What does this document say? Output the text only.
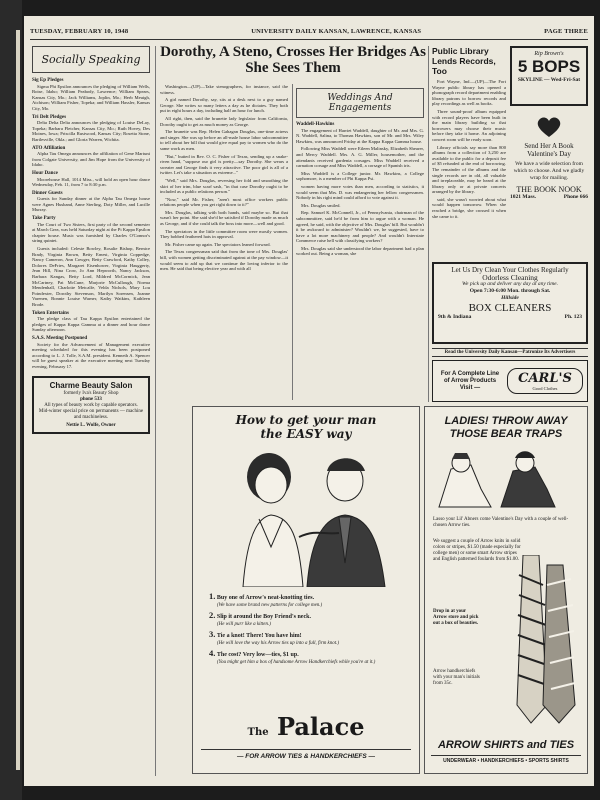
TUESDAY, FEBRUARY 10, 1948	UNIVERSITY DAILY KANSAN, LAWRENCE, KANSAS	PAGE THREE
Socially Speaking
Sig Ep Pledges
Sigma Phi Epsilon announces the pledging of William Wells, Boise, Idaho; William Peabody, Lawrence; William Spears, Kansas City, Mo.; Jack Williams, Joplin, Mo.; Herb Meuigh, Atchison; William Fisher, Topeka; and William Hassler, Kansas City, Mo.
Tri Delt Pledges
Delta Delta Delta announces the pledging of Louise DeLay, Topeka; Barbara Fletcher, Kansas City, Mo.; Ruth Hovey, Des Moines, Iowa; Priscilla Rustwood, Kansas City; Rosetta Stone, Bartlesville, Okla.; and Gloria Warren, Wichita.
ATO Affiliation
Alpha Tau Omega announces the affiliation of Gene Martuni from Colgate University, and Jim Hope from the University of Idaho.
Hour Dance
Moorehouse Hall, 1014 Miss., will hold an open hour dance Wednesday, Feb. 11, from 7 to 8:30 p.m.
Dinner Guests
Guests for Sunday dinner at the Alpha Tau Omega house were Agnes Husband, Anne Sterling, Doty Miller, and Lucille Murray.
Take Party
The Court of Two Sisters, first party of the second semester at March Grea, was held Saturday night at the Pi Kappa Epsilon chapter house. Music was furnished by Charles O'Connor's string quintet.
Guests included: Celeste Bowley, Rosalie Bishop, Bernice Brady, Virginia Brown, Betty Ernest, Virginia Coppedge, Nancy Cameron, Ann Cowger, Betty Crawford, Kathy Colley, Dolores DeFries, Margaret Eisenhower, Virginia Hauggerty, Jean Hill, Nina Crow, Jo Ann Hepworth, Nancy Jackson, Barbara Kangas, Betty Lord, Mildred McCormick, Jean McCartney, Pat McCune, Marjorie McCullough, Norma Mendenhall, Charlotte Metcalfe, Velda Nichols, Mary Lou Poindexter, Dorothy Stevenson, Marilyn Sorensen, Joanne Varenen, Bonnie Louise Warner, Kathy Watkins, Kathleen Brode.
Token Entertains
The pledge class of Tau Kappa Epsilon entertained the pledges of Kappa Kappa Gamma at a dinner and hour dance Sunday afternoon.
S.A.S. Meeting Postponed
Society for the Advancement of Management executive meeting scheduled for this evening has been postponed according to L. J. Tolle, S.A.M. president. Kenneth A. Spencer will be guest speaker at the executive meeting next Tuesday evening, February 17.
Charme Beauty Salon
formerly Iva's Beauty Shop
phone 533
All types of beauty work by capable operators.
Mid-winter special price on permanents — machine and machineless.
Nettie L. Wolfe, Owner
Dorothy, A Steno, Crosses Her Bridges As She Sees Them
Washington—(UP)—Take stenographers, for instance, said the witness.
A girl named Dorothy, say, sits at a desk next to a guy named George. She writes so many letters a day as he dictates. They both put in eight hours a day, including half an hour for lunch.
All right, then, said the brunette lady legislator from California, Dorothy ought to get as much money as George.
The brunette was Rep. Helen Gahagan Douglas, one-time actress and singer. She was up before an all-male house labor subcommittee to tell about her bill that would give equal pay to women who do the same work as men.
"But," butted in Rev. O. C. Fisher of Texas, sending up a snake-riven hand, "suppose our girl is pretty—say Dorothy. She wears a sweater and George finds it very attractive. The poor girl is all of a twitter. Let's take a situation as extreme..."
"Well," said Mrs. Douglas, reversing her fold and smoothing the skirt of her trim, blue scarf sash, "in that case Dorothy ought to be included as a public relations person."
"Now," said Mr. Fisher, "aren't most office workers public relations people when you get right down to it?"
Mrs. Douglas, talking with both hands, said maybe so. But that wasn't her point. She said she'd be satisfied if Dorothy made as much as George, and if she could talk the boss into more—well and good.
The spectators in the little committee room were mostly women. They bobbed feathered hats in approval.
Mr. Fisher came up again. The spectators leaned forward.
The Texas congressman said that from the tone of Mrs. Douglas' bill, with women getting discriminated against at the pay window—it would seem to add up that we continue the loving inferior to the men. He said that being elective year and with all
Weddings And Engagements
Waddell-Hawkins
The engagement of Harriet Waddell, daughter of Mr. and Mrs. G. N. Waddell, Salina, to Thomas Hawkins, son of Mr. and Mrs. Wiley Hawkins, was announced Friday at the Kappa Kappa Gamma house.
Following Miss Waddell were Eileen Malinsky, Elizabeth Shearer, and Mercy Waddell. Mrs. A. G. Miller, housemother, and the attendants received gardenia corsages. Miss Waddell received a carnation corsage and Miss Waddell, a corsage of Spanish iris.
Miss Waddell is a College junior. Mr. Hawkins, a College sophomore, is a member of Phi Kappa Psi.
women having more votes than men, according to statistics, it would seem that Mrs. D. was endangering her fellow congressmen. Nobody in his right mind could afford to vote against it.
Mrs. Douglas smiled.
Rep. Samuel K. McConnell, Jr., of Pennsylvania, chairman of the subcommittee, said he'd be from him to argue with a woman. He agreed, he said, with the objective of Mrs. Douglas' bill. But wouldn't it be awkward to administer? Wouldn't we, he suggested, have to have a lot more machinery and people? And wouldn't Interstate Commerce raise hell with classifying workers?
Mrs. Douglas said she understood the labor department had a plan worked out. Being a woman, she
Public Library Lends Records, Too
Fort Wayne, Ind.—(UP)—The Fort Wayne public library has opened a phonograph record department enabling library patrons to borrow records and play recordings as well as books.
Three sound-proof album equipped with record players have been built in the main library building so that borrowers may choose their music before they take it home. An adjoining concert room will be ready soon.
Library officials say more than 800 albums from a collection of 3,250 are available to the public for a deposit fee of $5 refunded at the end of borrowing. The remainder of the albums and the single records are in old, all valuable and irreplaceable, may be heard at the library only or at private concerts arranged by the library.
said, she wasn't worried about what would happen tomorrow. When she reached a bridge, she crossed it when she came to it.
Rip Brown's
5 BOPS
SKYLINE — Wed-Fri-Sat
Send Her A Book
Valentine's Day
We have a wide selection from which to choose. And we gladly wrap for mailing.
THE BOOK NOOK
1021 Mass.	Phone 666
Let Us Dry Clean Your Clothes Regularly
Odorless Cleaning
We pick up and deliver any day at any time.
Open 7:30-6:00 Mon. through Sat.
Hillside
BOX CLEANERS
9th & Indiana	Ph. 123
Read the University Daily Kansan—Patronize Its Advertisers
For A Complete Line
of Arrow Products
Visit —
CARL'S
Good Clothes
How to get your man
the EASY way
1. Buy one of Arrow's neat-knotting ties.
(We have some brand new patterns for college men.)
2. Slip it around the Boy Friend's neck.
(He will purr like a kitten.)
3. Tie a knot! There! You have him!
(He will love the way his Arrow ties up into a full, firm knot.)
4. The cost? Very low—ties, $1 up.
(You might get him a box of handsome Arrow Handkerchiefs while you're at it.)
The Palace
— FOR ARROW TIES & HANDKERCHIEFS —
LADIES! THROW AWAY
THOSE BEAR TRAPS
Lasso your Lil' Abners come Valentine's Day with a couple of well-chosen Arrow ties.
We suggest a couple of Arrow knits in solid colors or stripes, $1.50 (made especially for college men) or some smart Arrow stripes and English patterned foulards from $1.00.
Drop in at your Arrow store and pick out a box of beauties.
Arrow handkerchiefs with your man's initials from 35c.
ARROW SHIRTS and TIES
UNDERWEAR • HANDKERCHIEFS • SPORTS SHIRTS
